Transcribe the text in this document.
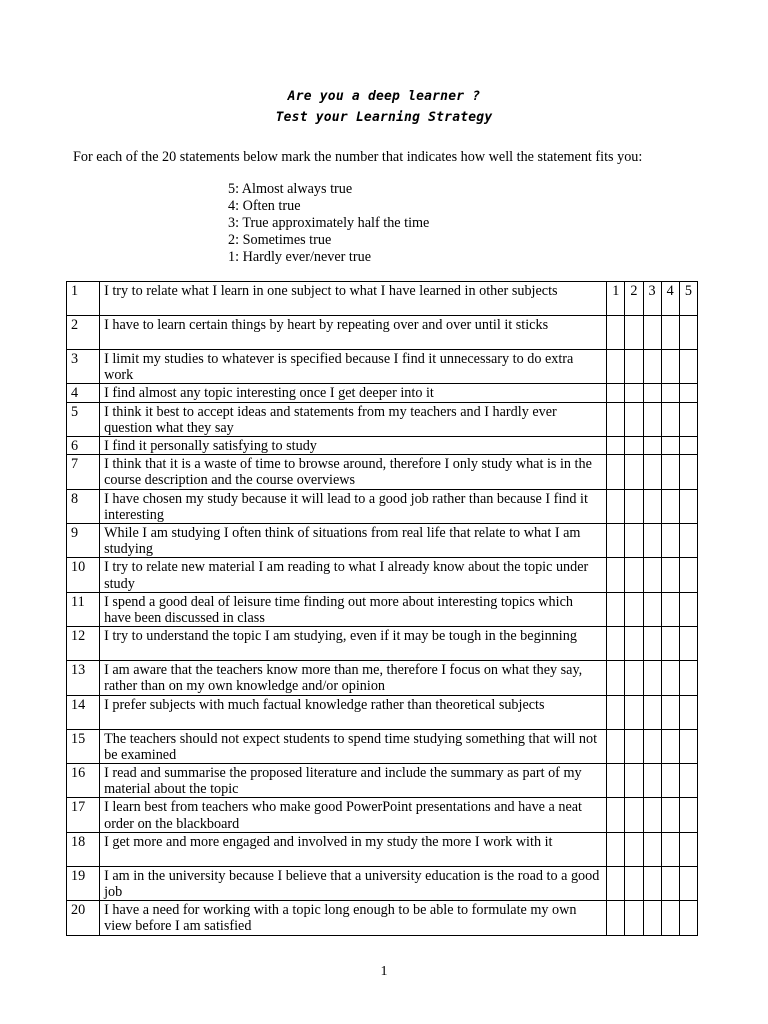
Are you a deep learner ?
Test your Learning Strategy
For each of the 20 statements below mark the number that indicates how well the statement fits you:
5: Almost always true
4: Often true
3: True approximately half the time
2: Sometimes true
1: Hardly ever/never true
1	I try to relate what I learn in one subject to what I have learned in other subjects	1	2	3	4	5
2	I have to learn certain things by heart by repeating over and over until it sticks					
3	I limit my studies to whatever is specified because I find it unnecessary to do extra work					
4	I find almost any topic interesting once I get deeper into it					
5	I think it best to accept ideas and statements from my teachers and I hardly ever question what they say					
6	I find it personally satisfying to study					
7	I think that it is a waste of time to browse around, therefore I only study what is in the course description and the course overviews					
8	I have chosen my study because it will lead to a good job rather than because I find it interesting					
9	While I am studying I often think of situations from real life that relate to what I am studying					
10	I try to relate new material I am reading to what I already know about the topic under study					
11	I spend a good deal of leisure time finding out more about interesting topics which have been discussed in class					
12	I try to understand the topic I am studying, even if it may be tough in the beginning					
13	I am aware that the teachers know more than me, therefore I focus on what they say, rather than on my own knowledge and/or opinion					
14	I prefer subjects with much factual knowledge rather than theoretical subjects					
15	The teachers should not expect students to spend time studying something that will not be examined					
16	I read and summarise the proposed literature and include the summary as part of my material about the topic					
17	I learn best from teachers who make good PowerPoint presentations and have a neat order on the blackboard					
18	I get more and more engaged and involved in my study the more I work with it					
19	I am in the university because I believe that a university education is the road to a good job					
20	I have a need for working with a topic long enough to be able to formulate my own view before I am satisfied					
1
